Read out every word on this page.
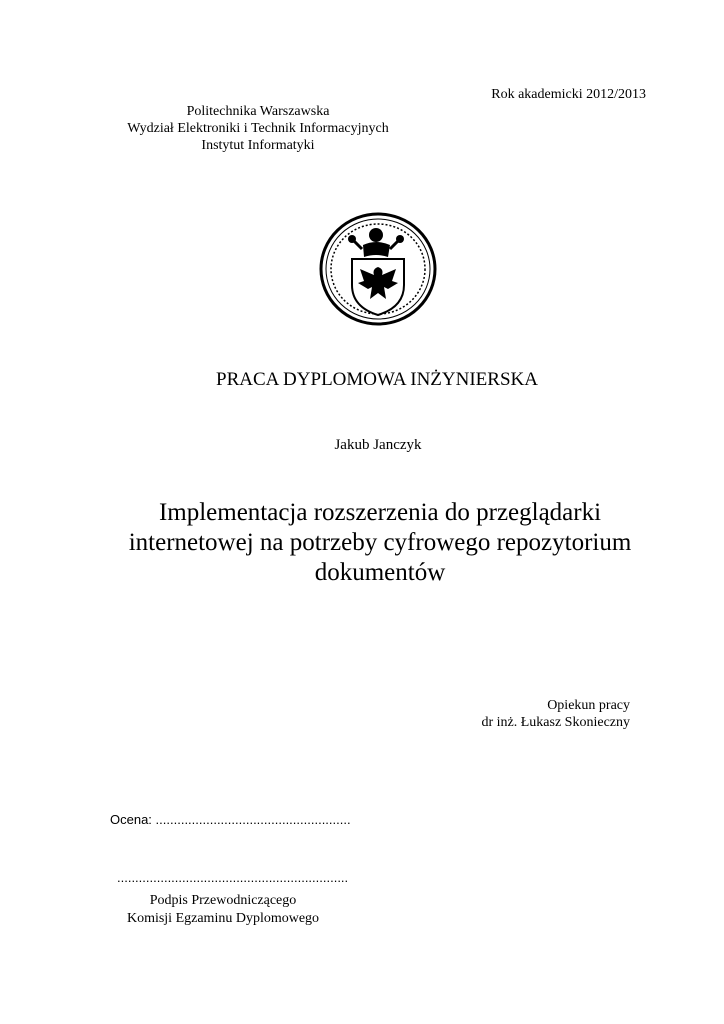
Rok akademicki 2012/2013
Politechnika Warszawska
Wydział Elektroniki i Technik Informacyjnych
Instytut Informatyki
PRACA DYPLOMOWA INŻYNIERSKA
Jakub Janczyk
Implementacja rozszerzenia do przeglądarki internetowej na potrzeby cyfrowego repozytorium dokumentów
Opiekun pracy
dr inż. Łukasz Skonieczny
Ocena: ......................................................
................................................................
Podpis Przewodniczącego
Komisji Egzaminu Dyplomowego
